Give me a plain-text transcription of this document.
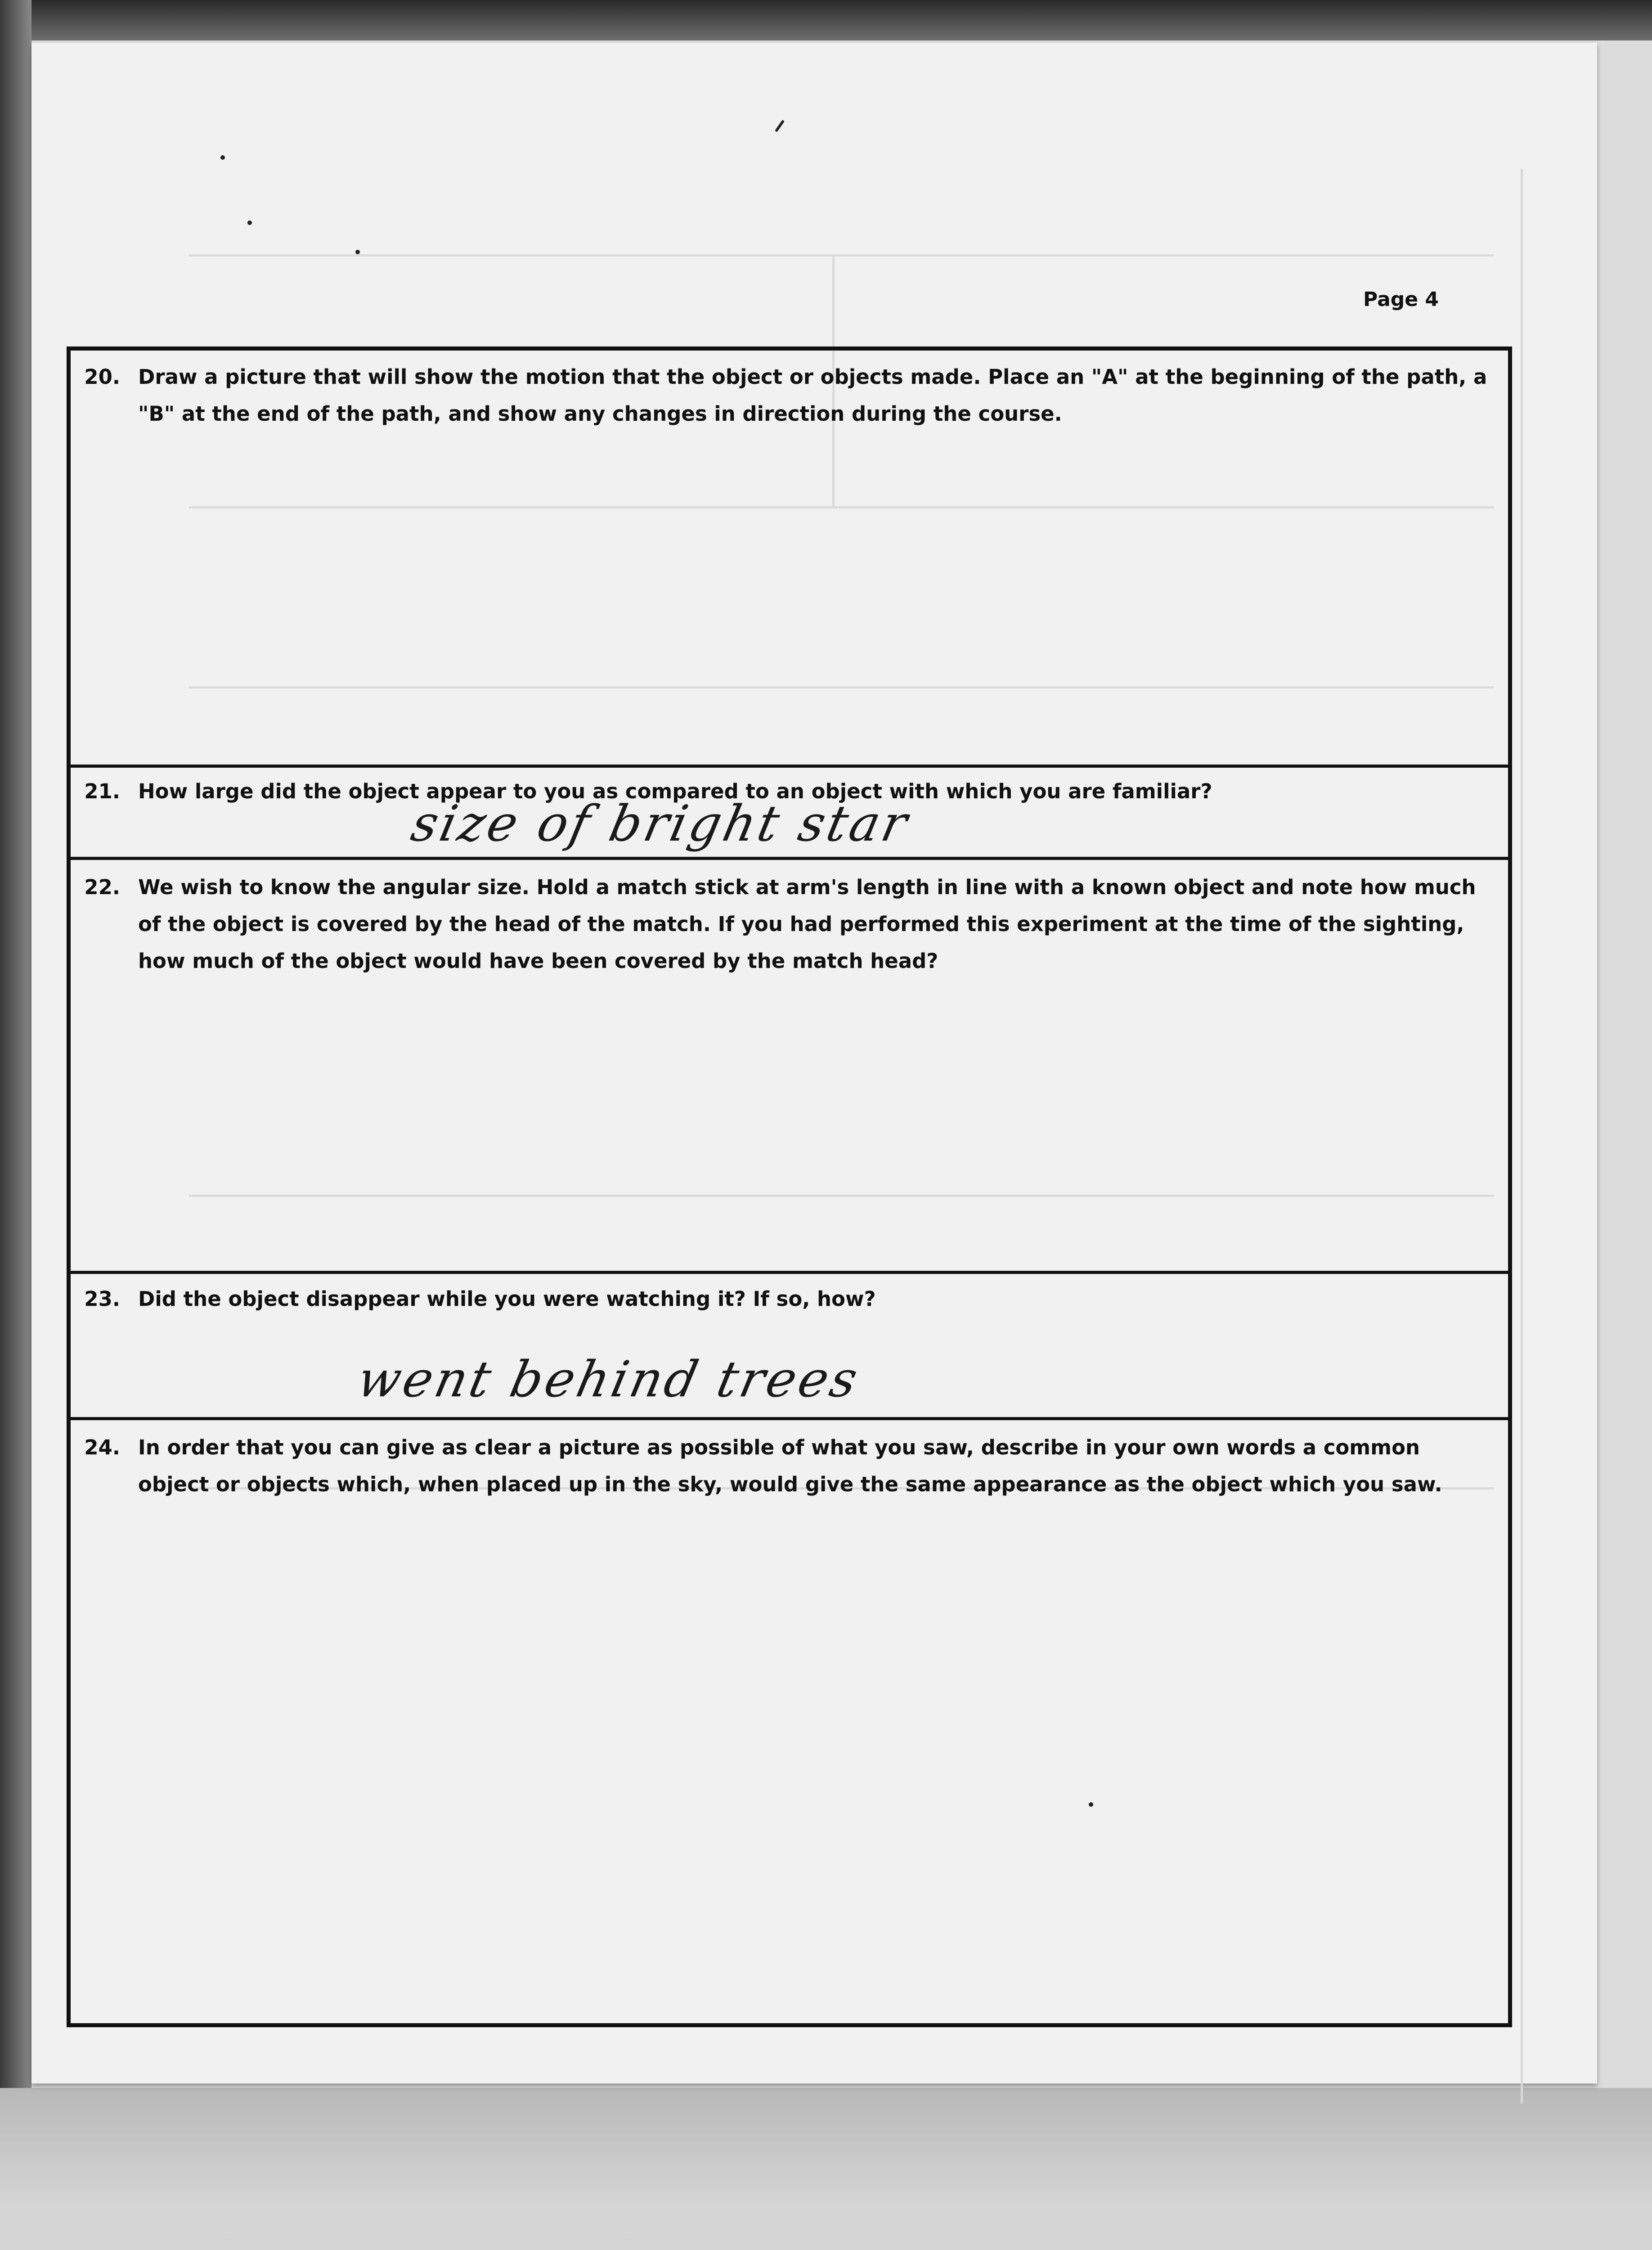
Page 4
20. Draw a picture that will show the motion that the object or objects made. Place an "A" at the beginning of the path, a "B" at the end of the path, and show any changes in direction during the course.
21. How large did the object appear to you as compared to an object with which you are familiar?
size of bright star
22. We wish to know the angular size. Hold a match stick at arm's length in line with a known object and note how much of the object is covered by the head of the match. If you had performed this experiment at the time of the sighting, how much of the object would have been covered by the match head?
23. Did the object disappear while you were watching it? If so, how?
went behind trees
24. In order that you can give as clear a picture as possible of what you saw, describe in your own words a common object or objects which, when placed up in the sky, would give the same appearance as the object which you saw.
